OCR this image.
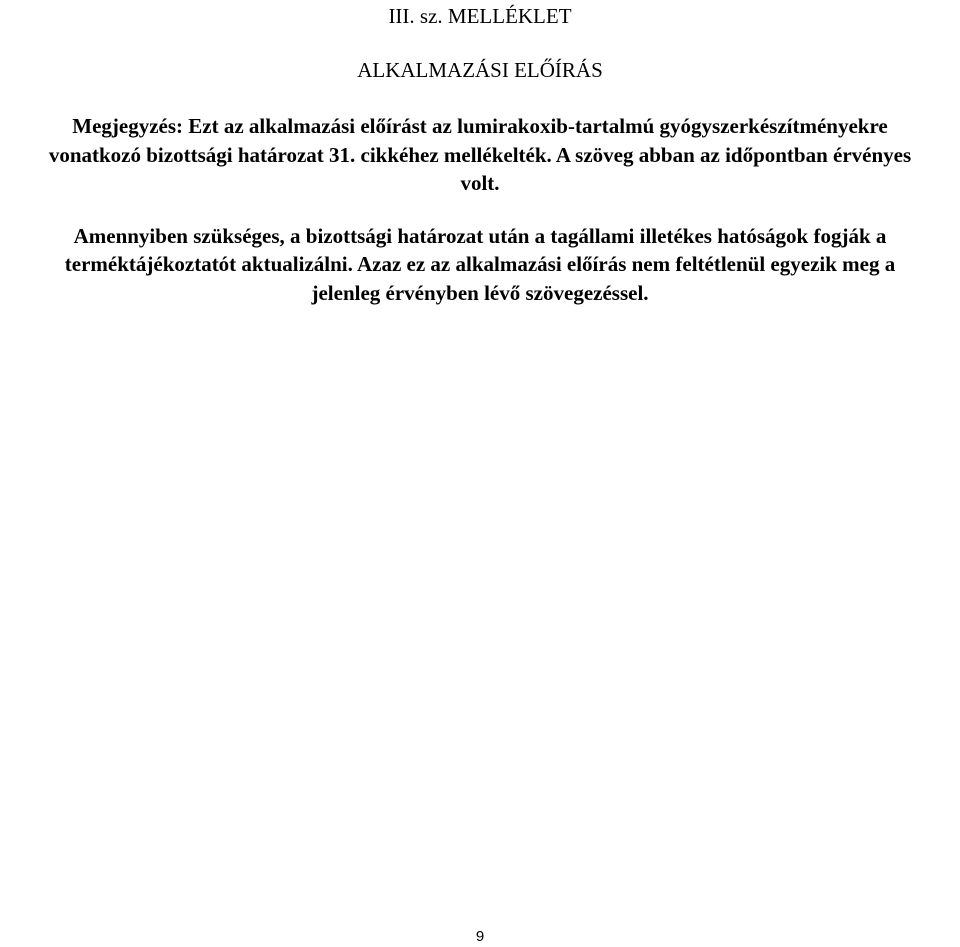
III. sz. MELLÉKLET
ALKALMAZÁSI ELŐÍRÁS
Megjegyzés: Ezt az alkalmazási előírást az lumirakoxib-tartalmú gyógyszerkészítményekre
vonatkozó bizottsági határozat 31. cikkéhez mellékelték. A szöveg abban az időpontban érvényes
volt.
Amennyiben szükséges, a bizottsági határozat után a tagállami illetékes hatóságok fogják a
terméktájékoztatót aktualizálni. Azaz ez az alkalmazási előírás nem feltétlenül egyezik meg a
jelenleg érvényben lévő szövegezéssel.
9
